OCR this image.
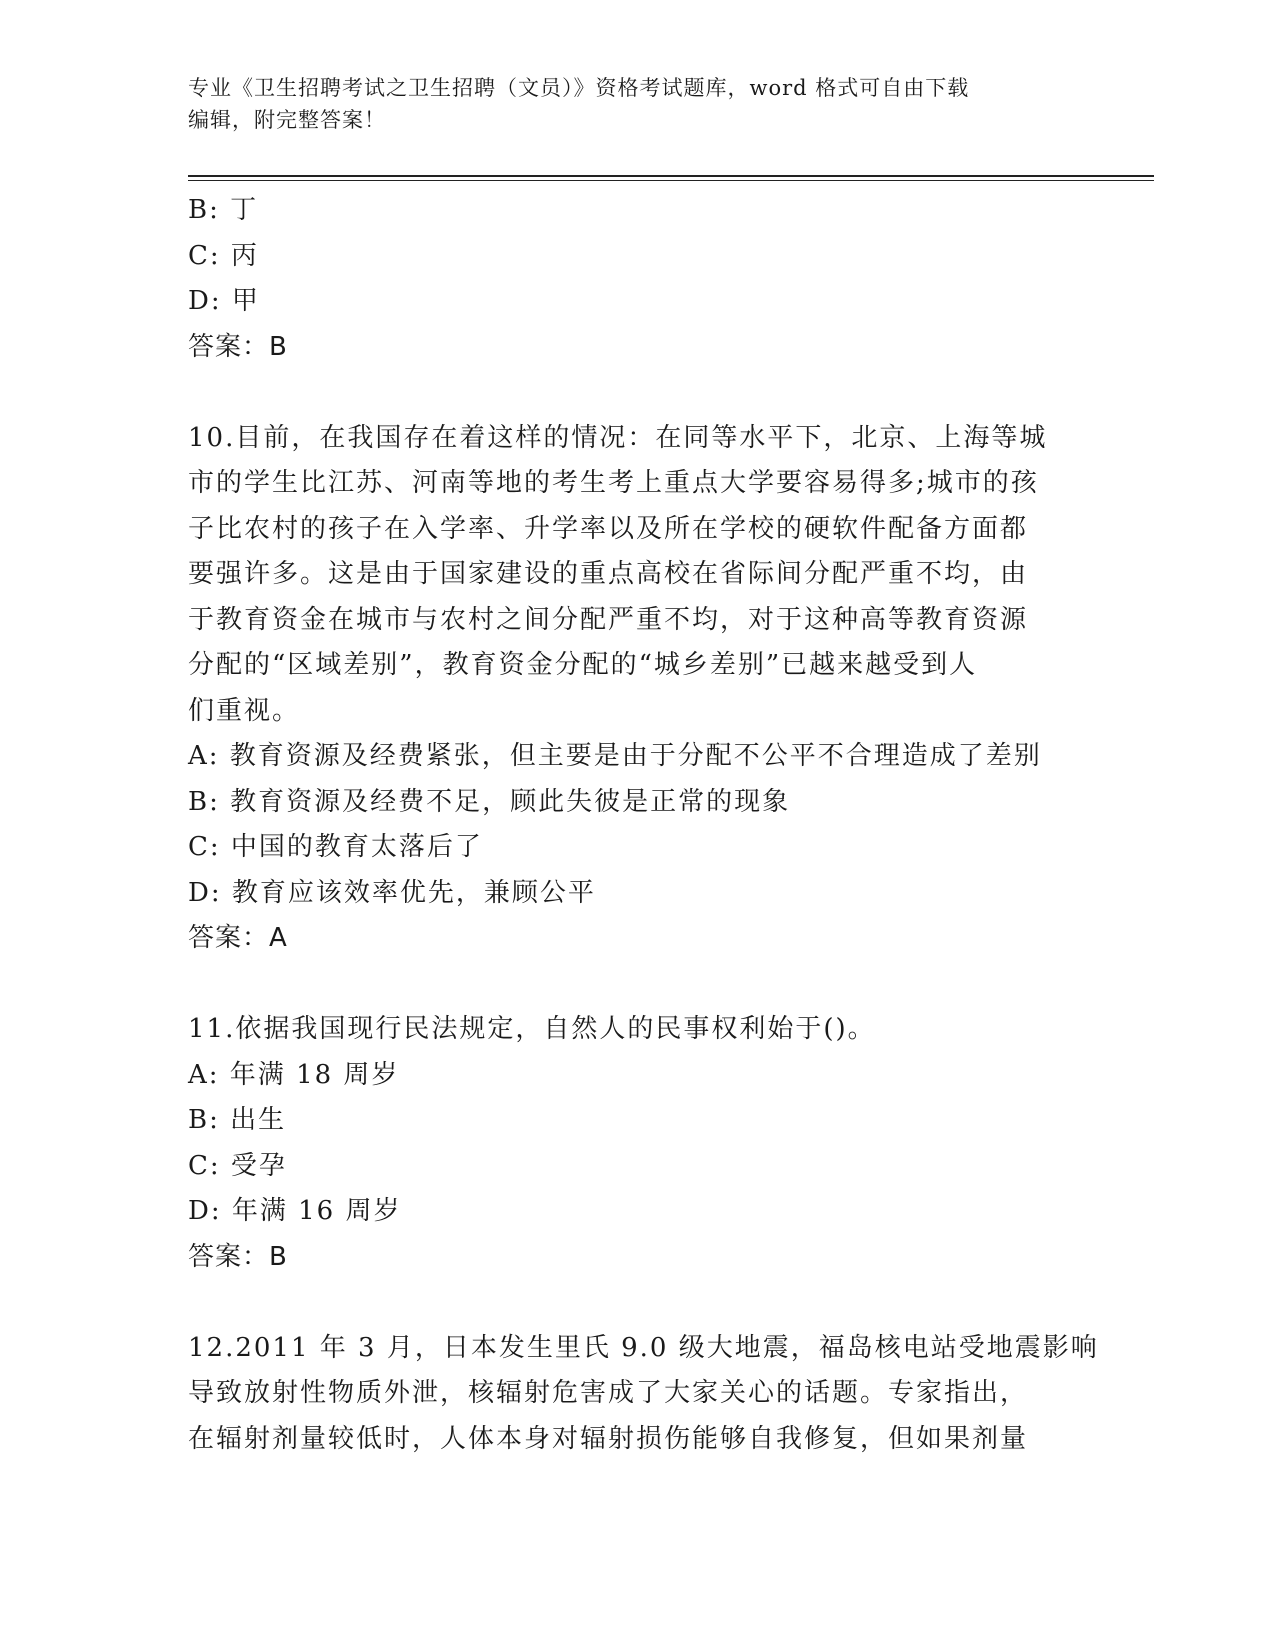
专业《卫生招聘考试之卫生招聘（文员）》资格考试题库，word 格式可自由下载
编辑，附完整答案！
B: 丁
C: 丙
D: 甲
答案：B
10.目前，在我国存在着这样的情况：在同等水平下，北京、上海等城
市的学生比江苏、河南等地的考生考上重点大学要容易得多;城市的孩
子比农村的孩子在入学率、升学率以及所在学校的硬软件配备方面都
要强许多。这是由于国家建设的重点高校在省际间分配严重不均，由
于教育资金在城市与农村之间分配严重不均，对于这种高等教育资源
分配的“区域差别”，教育资金分配的“城乡差别”已越来越受到人
们重视。
A: 教育资源及经费紧张，但主要是由于分配不公平不合理造成了差别
B: 教育资源及经费不足，顾此失彼是正常的现象
C: 中国的教育太落后了
D: 教育应该效率优先，兼顾公平
答案：A
11.依据我国现行民法规定，自然人的民事权利始于()。
A: 年满 18 周岁
B: 出生
C: 受孕
D: 年满 16 周岁
答案：B
12.2011 年 3 月，日本发生里氏 9.0 级大地震，福岛核电站受地震影响
导致放射性物质外泄，核辐射危害成了大家关心的话题。专家指出，
在辐射剂量较低时，人体本身对辐射损伤能够自我修复，但如果剂量
